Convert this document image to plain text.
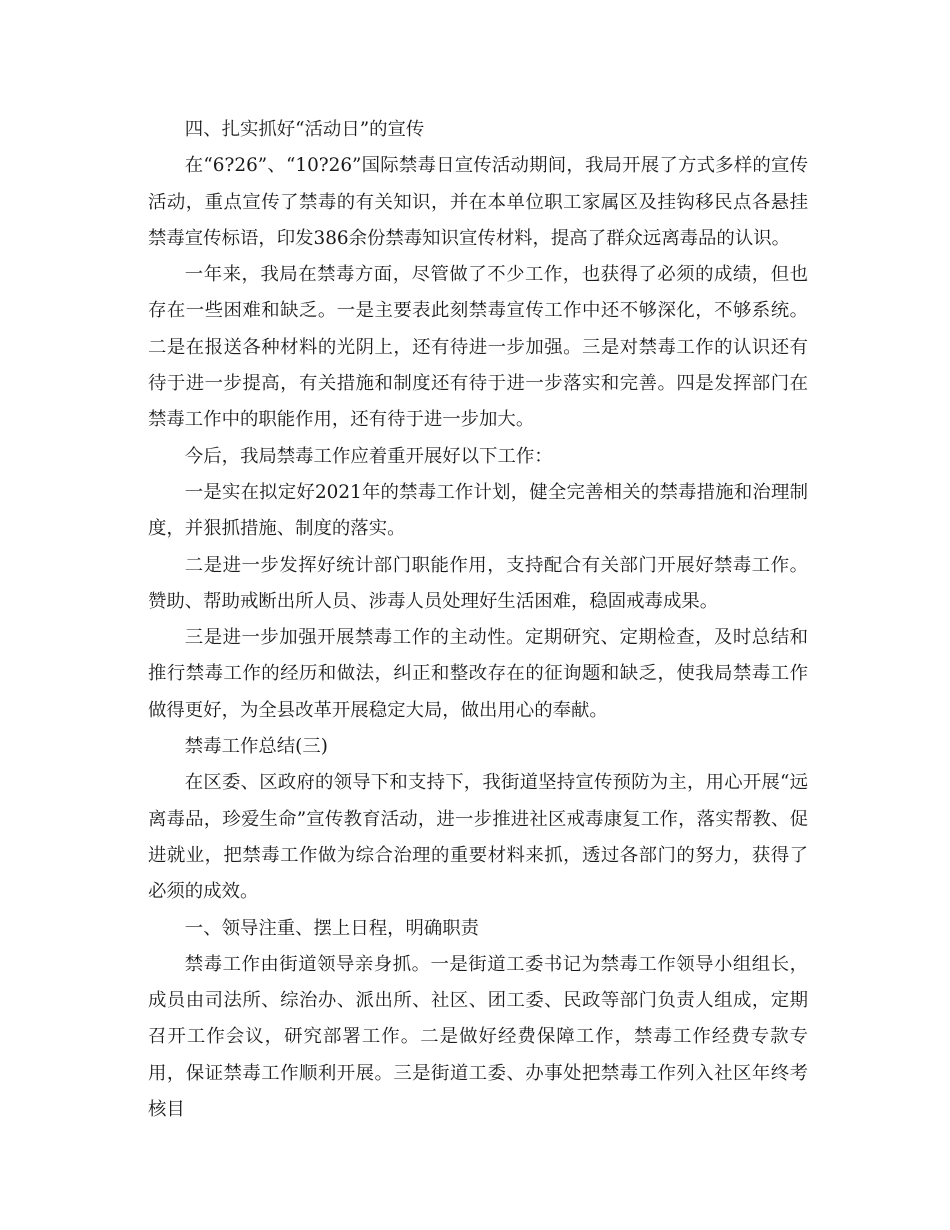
四、扎实抓好“活动日”的宣传

在“6?26”、“10?26”国际禁毒日宣传活动期间，我局开展了方式多样的宣传活动，重点宣传了禁毒的有关知识，并在本单位职工家属区及挂钩移民点各悬挂禁毒宣传标语，印发386余份禁毒知识宣传材料，提高了群众远离毒品的认识。

一年来，我局在禁毒方面，尽管做了不少工作，也获得了必须的成绩，但也存在一些困难和缺乏。一是主要表此刻禁毒宣传工作中还不够深化，不够系统。二是在报送各种材料的光阴上，还有待进一步加强。三是对禁毒工作的认识还有待于进一步提高，有关措施和制度还有待于进一步落实和完善。四是发挥部门在禁毒工作中的职能作用，还有待于进一步加大。

今后，我局禁毒工作应着重开展好以下工作：

一是实在拟定好2021年的禁毒工作计划，健全完善相关的禁毒措施和治理制度，并狠抓措施、制度的落实。

二是进一步发挥好统计部门职能作用，支持配合有关部门开展好禁毒工作。赞助、帮助戒断出所人员、涉毒人员处理好生活困难，稳固戒毒成果。

三是进一步加强开展禁毒工作的主动性。定期研究、定期检查，及时总结和推行禁毒工作的经历和做法，纠正和整改存在的征询题和缺乏，使我局禁毒工作做得更好，为全县改革开展稳定大局，做出用心的奉献。

禁毒工作总结(三)

在区委、区政府的领导下和支持下，我街道坚持宣传预防为主，用心开展“远离毒品，珍爱生命”宣传教育活动，进一步推进社区戒毒康复工作，落实帮教、促进就业，把禁毒工作做为综合治理的重要材料来抓，透过各部门的努力，获得了必须的成效。

一、领导注重、摆上日程，明确职责

禁毒工作由街道领导亲身抓。一是街道工委书记为禁毒工作领导小组组长，成员由司法所、综治办、派出所、社区、团工委、民政等部门负责人组成，定期召开工作会议，研究部署工作。二是做好经费保障工作，禁毒工作经费专款专用，保证禁毒工作顺利开展。三是街道工委、办事处把禁毒工作列入社区年终考核目
